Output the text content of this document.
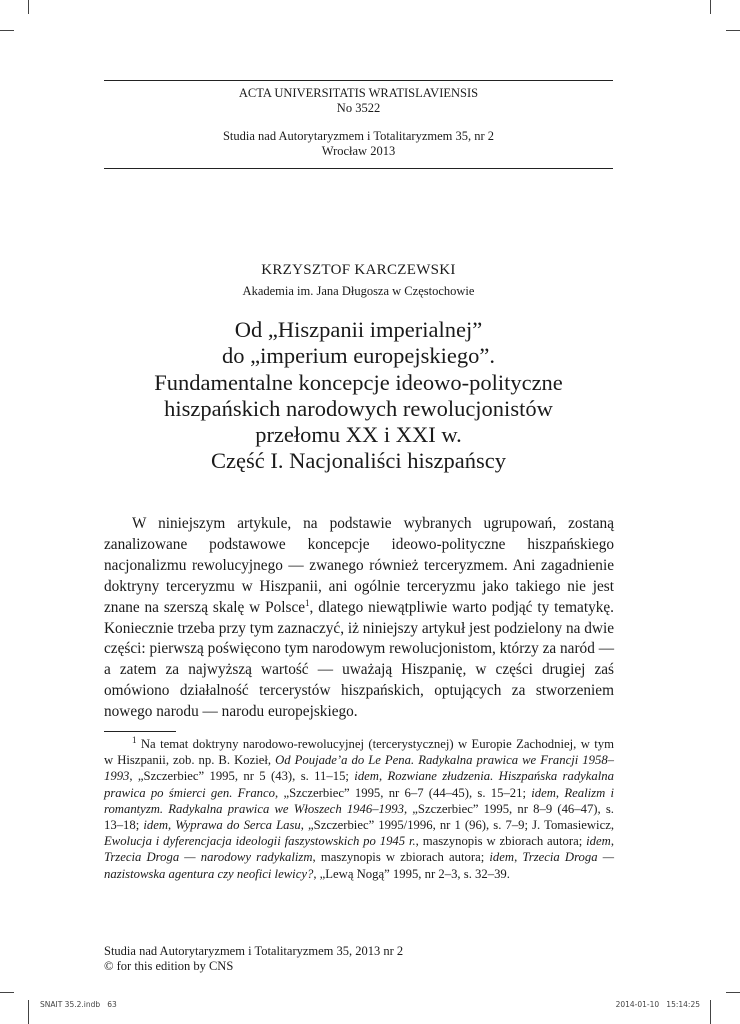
ACTA UNIVERSITATIS WRATISLAVIENSIS
No 3522
Studia nad Autorytaryzmem i Totalitaryzmem 35, nr 2
Wrocław 2013
KRZYSZTOF KARCZEWSKI
Akademia im. Jana Długosza w Częstochowie
Od „Hiszpanii imperialnej”
do „imperium europejskiego”.
Fundamentalne koncepcje ideowo-polityczne
hiszpańskich narodowych rewolucjonistów
przełomu XX i XXI w.
Część I. Nacjonaliści hiszpańscy

W niniejszym artykule, na podstawie wybranych ugrupowań, zostaną zanalizowane podstawowe koncepcje ideowo-polityczne hiszpańskiego nacjonalizmu rewolucyjnego — zwanego również terceryzmem. Ani zagadnienie doktryny terceryzmu w Hiszpanii, ani ogólnie terceryzmu jako takiego nie jest znane na szerszą skalę w Polsce$^1$, dlatego niewątpliwie warto podjąć ty tematykę. Koniecznie trzeba przy tym zaznaczyć, iż niniejszy artykuł jest podzielony na dwie części: pierwszą poświęcono tym narodowym rewolucjonistom, którzy za naród — a zatem za najwyższą wartość — uważają Hiszpanię, w części drugiej zaś omówiono działalność tercerystów hiszpańskich, optujących za stworzeniem nowego narodu — narodu europejskiego.

$^1$ Na temat doktryny narodowo-rewolucyjnej (tercerystycznej) w Europie Zachodniej, w tym w Hiszpanii, zob. np. B. Kozieł, Od Poujade’a do Le Pena. Radykalna prawica we Francji 1958–1993, „Szczerbiec” 1995, nr 5 (43), s. 11–15; idem, Rozwiane złudzenia. Hiszpańska radykalna prawica po śmierci gen. Franco, „Szczerbiec” 1995, nr 6–7 (44–45), s. 15–21; idem, Realizm i romantyzm. Radykalna prawica we Włoszech 1946–1993, „Szczerbiec” 1995, nr 8–9 (46–47), s. 13–18; idem, Wyprawa do Serca Lasu, „Szczerbiec” 1995/1996, nr 1 (96), s. 7–9; J. Tomasiewicz, Ewolucja i dyferencjacja ideologii faszystowskich po 1945 r., maszynopis w zbiorach autora; idem, Trzecia Droga — narodowy radykalizm, maszynopis w zbiorach autora; idem, Trzecia Droga — nazistowska agentura czy neofici lewicy?, „Lewą Nogą” 1995, nr 2–3, s. 32–39.

Studia nad Autorytaryzmem i Totalitaryzmem 35, 2013 nr 2
© for this edition by CNS
SNAIT 35.2.indb   63	2014-01-10   15:14:25
